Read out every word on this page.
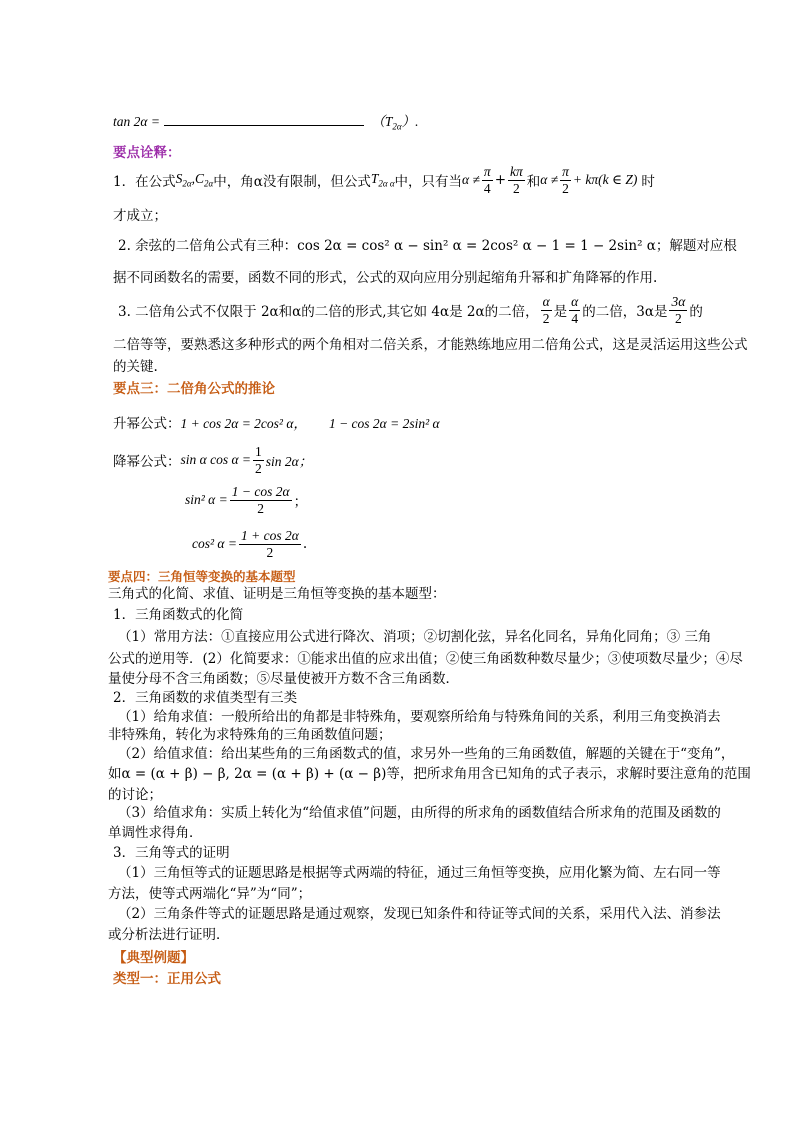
tan 2α =	$(T_{2\alpha})$.
要点诠释：
1．在公式 $S_{2\alpha},C_{2\alpha}$ 中，角α没有限制，但公式 $T_{2\alpha \alpha}$ 中，只有当 $\alpha \ne \frac{\pi}{4} + \frac{k\pi}{2}$ 和 $\alpha \ne \frac{\pi}{2} + k\pi(k$ ∈ Z) 时
才成立；
2. 余弦的二倍角公式有三种：cos 2α = cos² α − sin² α = 2cos² α − 1 = 1 − 2sin² α；解题对应根
据不同函数名的需要，函数不同的形式，公式的双向应用分别起缩角升幂和扩角降幂的作用.
3. 二倍角公式不仅限于 2α和α的二倍的形式,其它如 4α是 2α的二倍， $\frac{\alpha}{2}$ 是 $\frac{\alpha}{4}$ 的二倍，3α是 $\frac{3\alpha}{2}$ 的
二倍等等，要熟悉这多种形式的两个角相对二倍关系，才能熟练地应用二倍角公式，这是灵活运用这些公式
的关键.
要点三：二倍角公式的推论
升幂公式：1 + cos 2α = 2cos² α， 1 − cos 2α = 2sin² α
降幂公式： sin α $\cos \alpha = \frac{1}{2}$ sin 2α；
sin² $\alpha = \frac{1 - \cos 2\alpha}{2}$ ；
cos² $\alpha = \frac{1 + \cos 2\alpha}{2}$ .
要点四：三角恒等变换的基本题型
三角式的化简、求值、证明是三角恒等变换的基本题型：
1．三角函数式的化简
（1）常用方法：①直接应用公式进行降次、消项；②切割化弦，异名化同名，异角化同角；③ 三角
公式的逆用等．(2）化简要求：①能求出值的应求出值；②使三角函数种数尽量少；③使项数尽量少；④尽
量使分母不含三角函数；⑤尽量使被开方数不含三角函数．
2．三角函数的求值类型有三类
（1）给角求值：一般所给出的角都是非特殊角，要观察所给角与特殊角间的关系，利用三角变换消去
非特殊角，转化为求特殊角的三角函数值问题；
（2）给值求值：给出某些角的三角函数式的值，求另外一些角的三角函数值，解题的关键在于“变角”，
如α = (α + β) − β, 2α = (α + β) + (α − β)等，把所求角用含已知角的式子表示，求解时要注意角的范围
的讨论；
（3）给值求角：实质上转化为“给值求值”问题，由所得的所求角的函数值结合所求角的范围及函数的
单调性求得角．
3．三角等式的证明
（1）三角恒等式的证题思路是根据等式两端的特征，通过三角恒等变换，应用化繁为简、左右同一等
方法，使等式两端化“异”为“同”；
（2）三角条件等式的证题思路是通过观察，发现已知条件和待证等式间的关系，采用代入法、消参法
或分析法进行证明．
【典型例题】
类型一：正用公式
